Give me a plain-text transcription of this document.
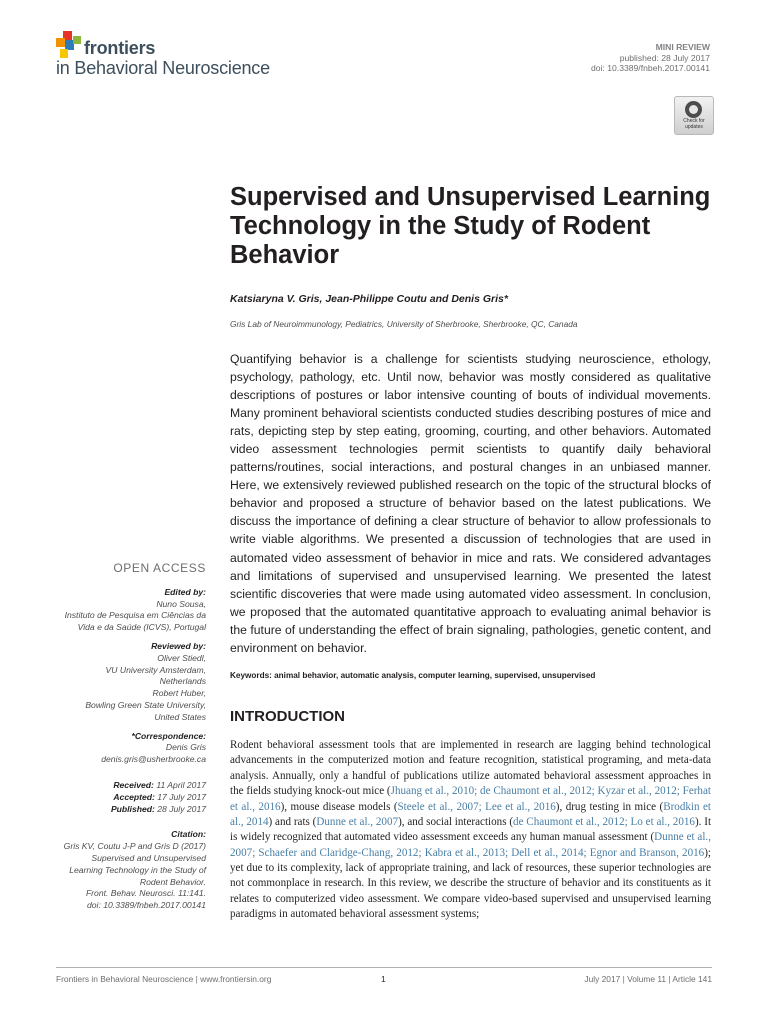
frontiers
in Behavioral Neuroscience
MINI REVIEW
published: 28 July 2017
doi: 10.3389/fnbeh.2017.00141
Check for
updates
Supervised and Unsupervised Learning Technology in the Study of Rodent Behavior
Katsiaryna V. Gris, Jean-Philippe Coutu and Denis Gris*
Gris Lab of Neuroimmunology, Pediatrics, University of Sherbrooke, Sherbrooke, QC, Canada
Quantifying behavior is a challenge for scientists studying neuroscience, ethology, psychology, pathology, etc. Until now, behavior was mostly considered as qualitative descriptions of postures or labor intensive counting of bouts of individual movements. Many prominent behavioral scientists conducted studies describing postures of mice and rats, depicting step by step eating, grooming, courting, and other behaviors. Automated video assessment technologies permit scientists to quantify daily behavioral patterns/routines, social interactions, and postural changes in an unbiased manner. Here, we extensively reviewed published research on the topic of the structural blocks of behavior and proposed a structure of behavior based on the latest publications. We discuss the importance of defining a clear structure of behavior to allow professionals to write viable algorithms. We presented a discussion of technologies that are used in automated video assessment of behavior in mice and rats. We considered advantages and limitations of supervised and unsupervised learning. We presented the latest scientific discoveries that were made using automated video assessment. In conclusion, we proposed that the automated quantitative approach to evaluating animal behavior is the future of understanding the effect of brain signaling, pathologies, genetic content, and environment on behavior.
Keywords: animal behavior, automatic analysis, computer learning, supervised, unsupervised
INTRODUCTION
Rodent behavioral assessment tools that are implemented in research are lagging behind technological advancements in the computerized motion and feature recognition, statistical programing, and meta-data analysis. Annually, only a handful of publications utilize automated behavioral assessment approaches in the fields studying knock-out mice (Jhuang et al., 2010; de Chaumont et al., 2012; Kyzar et al., 2012; Ferhat et al., 2016), mouse disease models (Steele et al., 2007; Lee et al., 2016), drug testing in mice (Brodkin et al., 2014) and rats (Dunne et al., 2007), and social interactions (de Chaumont et al., 2012; Lo et al., 2016). It is widely recognized that automated video assessment exceeds any human manual assessment (Dunne et al., 2007; Schaefer and Claridge-Chang, 2012; Kabra et al., 2013; Dell et al., 2014; Egnor and Branson, 2016); yet due to its complexity, lack of appropriate training, and lack of resources, these superior technologies are not commonplace in research. In this review, we describe the structure of behavior and its constituents as it relates to computerized video assessment. We compare video-based supervised and unsupervised learning paradigms in automated behavioral assessment systems;
OPEN ACCESS
Edited by:
Nuno Sousa,
Instituto de Pesquisa em Ciências da
Vida e da Saúde (ICVS), Portugal
Reviewed by:
Oliver Stiedl,
VU University Amsterdam,
Netherlands
Robert Huber,
Bowling Green State University,
United States
*Correspondence:
Denis Gris
denis.gris@usherbrooke.ca
Received: 11 April 2017
Accepted: 17 July 2017
Published: 28 July 2017
Citation:
Gris KV, Coutu J-P and Gris D (2017)
Supervised and Unsupervised
Learning Technology in the Study of
Rodent Behavior.
Front. Behav. Neurosci. 11:141.
doi: 10.3389/fnbeh.2017.00141
Frontiers in Behavioral Neuroscience | www.frontiersin.org	1	July 2017 | Volume 11 | Article 141
